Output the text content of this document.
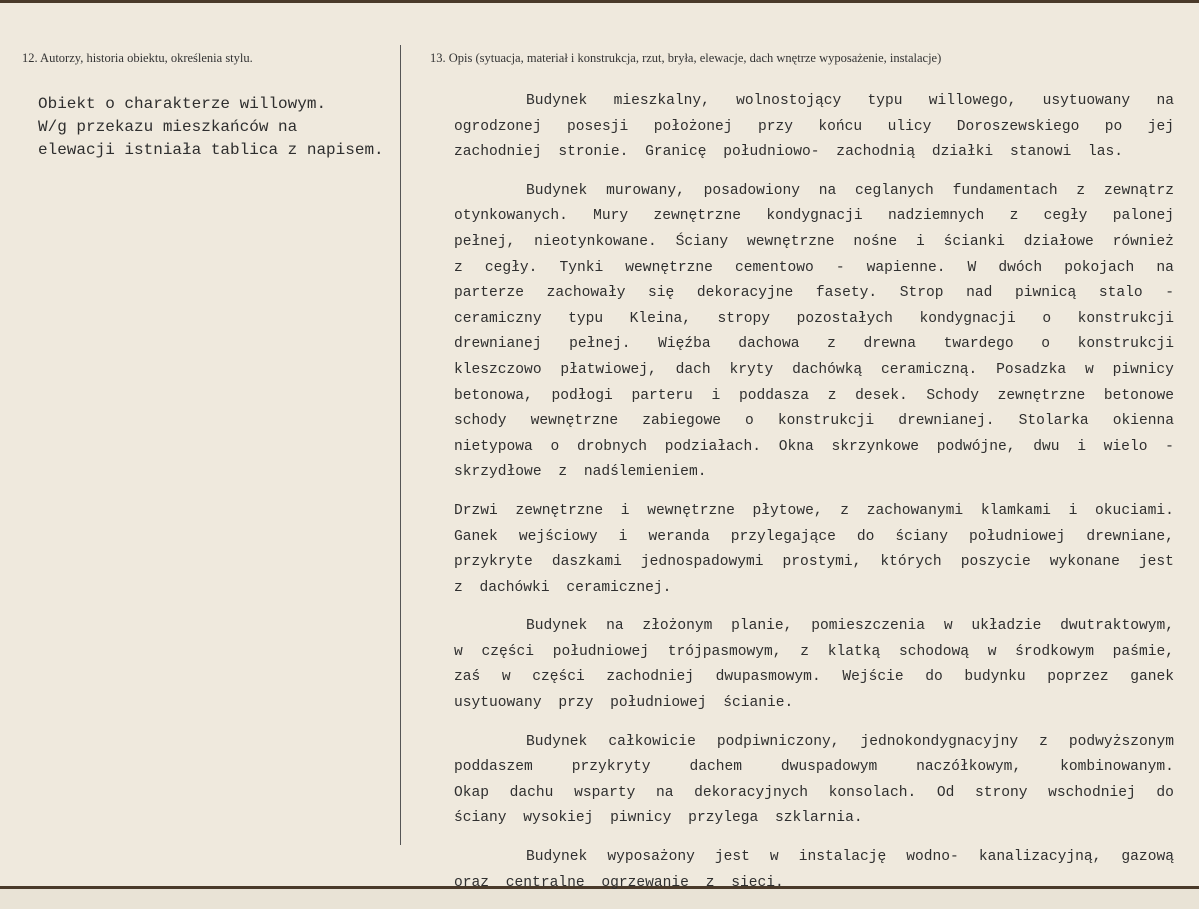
12. Autorzy, historia obiektu, określenia stylu.	13. Opis (sytuacja, materiał i konstrukcja, rzut, bryła, elewacje, dach wnętrze wyposażenie, instalacje)
Obiekt o charakterze willowym.
W/g przekazu mieszkańców na
elewacji istniała tablica z napisem.
Budynek mieszkalny, wolnostojący typu willowego, usytuowany na
ogrodzonej posesji położonej przy końcu ulicy Doroszewskiego po jej
zachodniej stronie. Granicę południowo- zachodnią działki stanowi las.
Budynek murowany, posadowiony na ceglanych fundamentach z zewnątrz
otynkowanych. Mury zewnętrzne kondygnacji nadziemnych z cegły palonej
pełnej, nieotynkowane. Ściany wewnętrzne nośne i ścianki działowe również
z cegły. Tynki wewnętrzne cementowo - wapienne. W dwóch pokojach na
parterze zachowały się dekoracyjne fasety. Strop nad piwnicą stalo -
ceramiczny typu Kleina, stropy pozostałych kondygnacji o konstrukcji
drewnianej pełnej. Więźba dachowa z drewna twardego o konstrukcji
kleszczowo płatwiowej, dach kryty dachówką ceramiczną. Posadzka w piwnicy
betonowa, podłogi parteru i poddasza z desek. Schody zewnętrzne betonowe
schody wewnętrzne zabiegowe o konstrukcji drewnianej. Stolarka okienna
nietypowa o drobnych podziałach. Okna skrzynkowe podwójne, dwu i wielo -
skrzydłowe z nadślemieniem.
Drzwi zewnętrzne i wewnętrzne płytowe, z zachowanymi klamkami i okuciami.
Ganek wejściowy i weranda przylegające do ściany południowej drewniane,
przykryte daszkami jednospadowymi prostymi, których poszycie wykonane jest
z dachówki ceramicznej.
Budynek na złożonym planie, pomieszczenia w układzie dwutraktowym,
w części południowej trójpasmowym, z klatką schodową w środkowym paśmie,
zaś w części zachodniej dwupasmowym. Wejście do budynku poprzez ganek
usytuowany przy południowej ścianie.
Budynek całkowicie podpiwniczony, jednokondygnacyjny z podwyższonym
poddaszem	przykryty	dachem	dwuspadowym	naczółkowym,	kombinowanym.
Okap dachu wsparty na dekoracyjnych konsolach. Od strony wschodniej do
ściany wysokiej piwnicy przylega szklarnia.
Budynek wyposażony jest w instalację wodno- kanalizacyjną, gazową
oraz centralne ogrzewanie z sieci.
